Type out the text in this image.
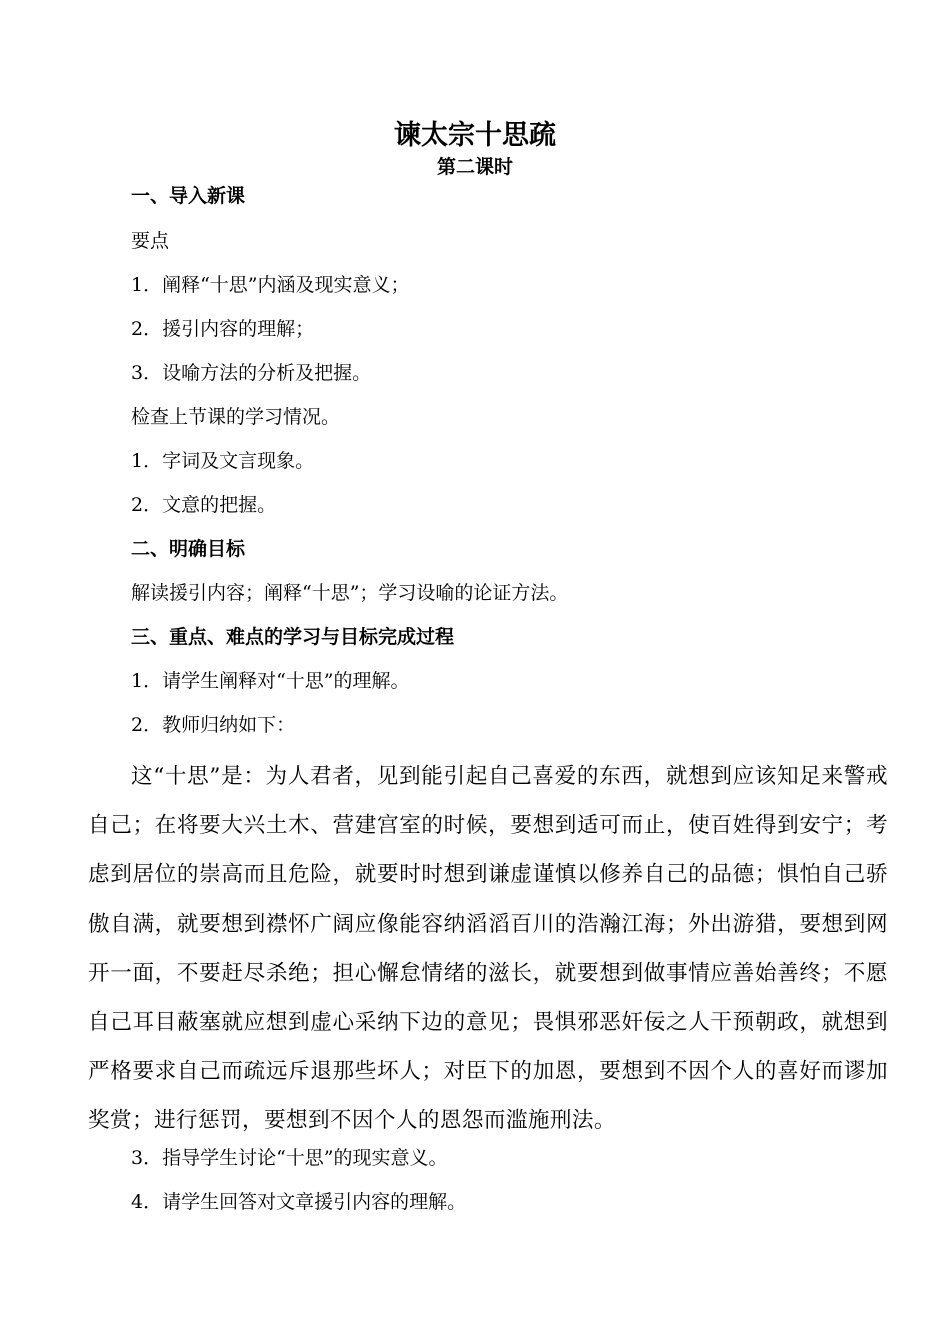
谏太宗十思疏
第二课时
一、导入新课
要点
1．阐释“十思”内涵及现实意义；
2．援引内容的理解；
3．设喻方法的分析及把握。
检查上节课的学习情况。
1．字词及文言现象。
2．文意的把握。
二、明确目标
解读援引内容；阐释“十思”；学习设喻的论证方法。
三、重点、难点的学习与目标完成过程
1．请学生阐释对“十思”的理解。
2．教师归纳如下：
这“十思”是：为人君者，见到能引起自己喜爱的东西，就想到应该知足来警戒自己；在将要大兴土木、营建宫室的时候，要想到适可而止，使百姓得到安宁；考虑到居位的崇高而且危险，就要时时想到谦虚谨慎以修养自己的品德；惧怕自己骄傲自满，就要想到襟怀广阔应像能容纳滔滔百川的浩瀚江海；外出游猎，要想到网开一面，不要赶尽杀绝；担心懈怠情绪的滋长，就要想到做事情应善始善终；不愿自己耳目蔽塞就应想到虚心采纳下边的意见；畏惧邪恶奸佞之人干预朝政，就想到严格要求自己而疏远斥退那些坏人；对臣下的加恩，要想到不因个人的喜好而谬加奖赏；进行惩罚，要想到不因个人的恩怨而滥施刑法。
3．指导学生讨论“十思”的现实意义。
4．请学生回答对文章援引内容的理解。
